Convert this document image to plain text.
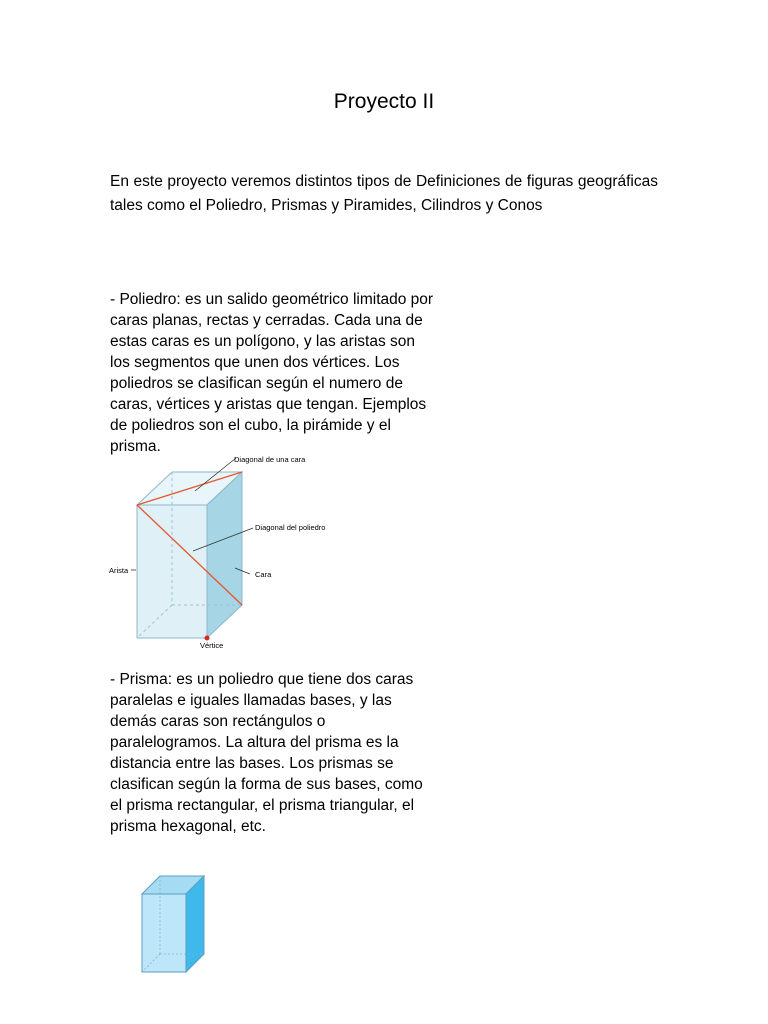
Proyecto II

En este proyecto veremos distintos tipos de Definiciones de figuras geográficas tales como el Poliedro, Prismas y Piramides, Cilindros y Conos

- Poliedro: es un salido geométrico limitado por caras planas, rectas y cerradas. Cada una de estas caras es un polígono, y las aristas son los segmentos que unen dos vértices. Los poliedros se clasifican según el numero de caras, vértices y aristas que tengan. Ejemplos de poliedros son el cubo, la pirámide y el prisma.

Diagonal de una cara
Diagonal del poliedro
Arista	Cara
Vértice

- Prisma: es un poliedro que tiene dos caras paralelas e iguales llamadas bases, y las demás caras son rectángulos o paralelogramos. La altura del prisma es la distancia entre las bases. Los prismas se clasifican según la forma de sus bases, como el prisma rectangular, el prisma triangular, el prisma hexagonal, etc.
